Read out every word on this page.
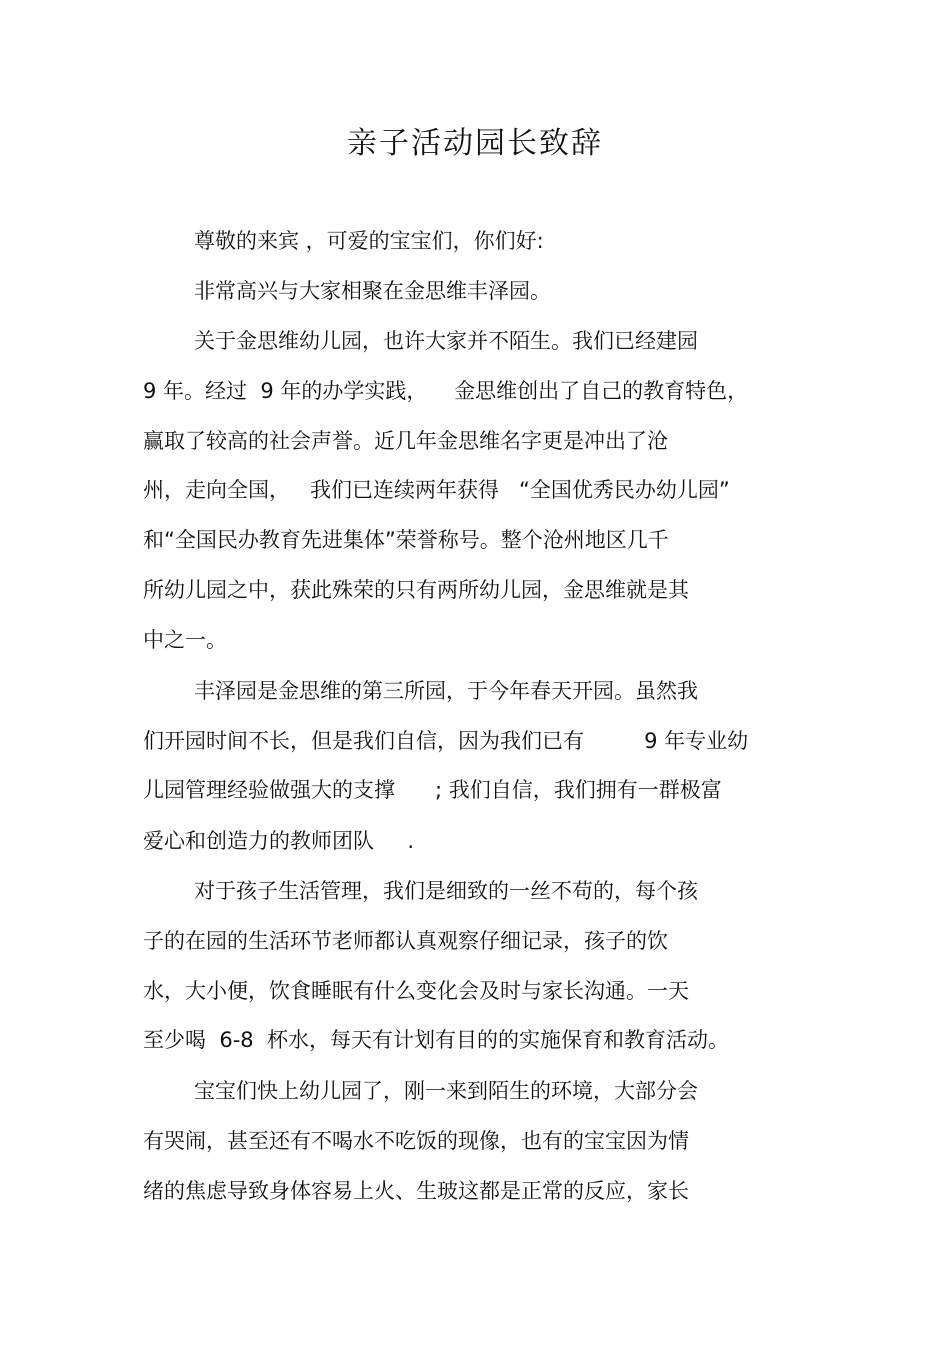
亲子活动园长致辞
尊敬的来宾 ，可爱的宝宝们，你们好:
非常高兴与大家相聚在金思维丰泽园。
关于金思维幼儿园，也许大家并不陌生。我们已经建园
9 年。经过  9 年的办学实践，    金思维创出了自己的教育特色，
赢取了较高的社会声誉。近几年金思维名字更是冲出了沧
州，走向全国，   我们已连续两年获得   “全国优秀民办幼儿园”
和“全国民办教育先进集体”荣誉称号。整个沧州地区几千
所幼儿园之中，获此殊荣的只有两所幼儿园，金思维就是其
中之一。
丰泽园是金思维的第三所园，于今年春天开园。虽然我
们开园时间不长，但是我们自信，因为我们已有         9 年专业幼
儿园管理经验做强大的支撑      ; 我们自信，我们拥有一群极富
爱心和创造力的教师团队     .
对于孩子生活管理，我们是细致的一丝不苟的，每个孩
子的在园的生活环节老师都认真观察仔细记录，孩子的饮
水，大小便，饮食睡眠有什么变化会及时与家长沟通。一天
至少喝  6-8  杯水，每天有计划有目的的实施保育和教育活动。
宝宝们快上幼儿园了，刚一来到陌生的环境，大部分会
有哭闹，甚至还有不喝水不吃饭的现像，也有的宝宝因为情
绪的焦虑导致身体容易上火、生玻这都是正常的反应，家长
